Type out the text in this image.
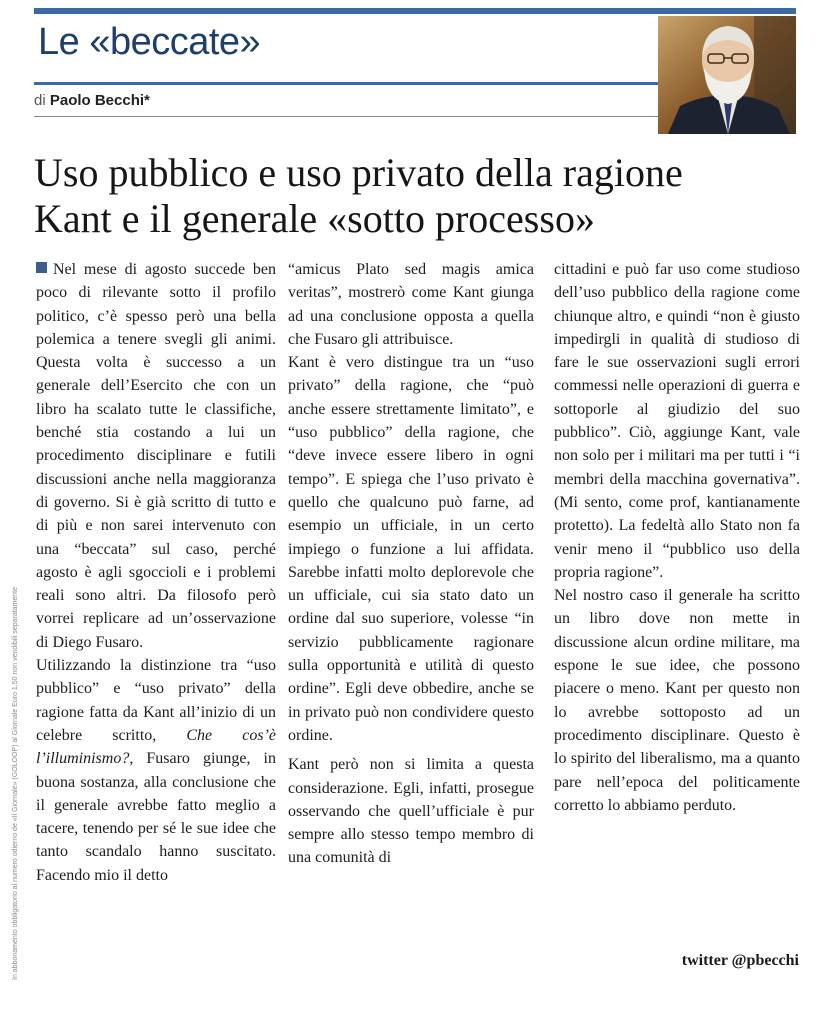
Le «beccate»

di Paolo Becchi*

Uso pubblico e uso privato della ragione
Kant e il generale «sotto processo»

Nel mese di agosto succede ben poco di rilevante sotto il profilo politico, c’è spesso però una bella polemica a tenere svegli gli animi. Questa volta è successo a un generale dell’Esercito che con un libro ha scalato tutte le classifiche, benché stia costando a lui un procedimento disciplinare e futili discussioni anche nella maggioranza di governo. Si è già scritto di tutto e di più e non sarei intervenuto con una “beccata” sul caso, perché agosto è agli sgoccioli e i problemi reali sono altri. Da filosofo però vorrei replicare ad un’osservazione di Diego Fusaro.

Utilizzando la distinzione tra “uso pubblico” e “uso privato” della ragione fatta da Kant all’inizio di un celebre scritto, Che cos’è l’illuminismo?, Fusaro giunge, in buona sostanza, alla conclusione che il generale avrebbe fatto meglio a tacere, tenendo per sé le sue idee che tanto scandalo hanno suscitato. Facendo mio il detto

“amicus Plato sed magis amica veritas”, mostrerò come Kant giunga ad una conclusione opposta a quella che Fusaro gli attribuisce.

Kant è vero distingue tra un “uso privato” della ragione, che “può anche essere strettamente limitato”, e “uso pubblico” della ragione, che “deve invece essere libero in ogni tempo”. E spiega che l’uso privato è quello che qualcuno può farne, ad esempio un ufficiale, in un certo impiego o funzione a lui affidata. Sarebbe infatti molto deplorevole che un ufficiale, cui sia stato dato un ordine dal suo superiore, volesse “in servizio pubblicamente ragionare sulla opportunità e utilità di questo ordine”. Egli deve obbedire, anche se in privato può non condividere questo ordine.

Kant però non si limita a questa considerazione. Egli, infatti, prosegue osservando che quell’ufficiale è pur sempre allo stesso tempo membro di una comunità di

cittadini e può far uso come studioso dell’uso pubblico della ragione come chiunque altro, e quindi “non è giusto impedirgli in qualità di studioso di fare le sue osservazioni sugli errori commessi nelle operazioni di guerra e sottoporle al giudizio del suo pubblico”. Ciò, aggiunge Kant, vale non solo per i militari ma per tutti i “i membri della macchina governativa”. (Mi sento, come prof, kantianamente protetto). La fedeltà allo Stato non fa venir meno il “pubblico uso della propria ragione”.

Nel nostro caso il generale ha scritto un libro dove non mette in discussione alcun ordine militare, ma espone le sue idee, che possono piacere o meno. Kant per questo non lo avrebbe sottoposto ad un procedimento disciplinare. Questo è lo spirito del liberalismo, ma a quanto pare nell’epoca del politicamente corretto lo abbiamo perduto.

twitter @pbecchi

In abbonamento obbligatorio al numero odierno de «Il Giornale» (GOLOOP) al Giornale Euro 1,50 non vendibili separatamente
